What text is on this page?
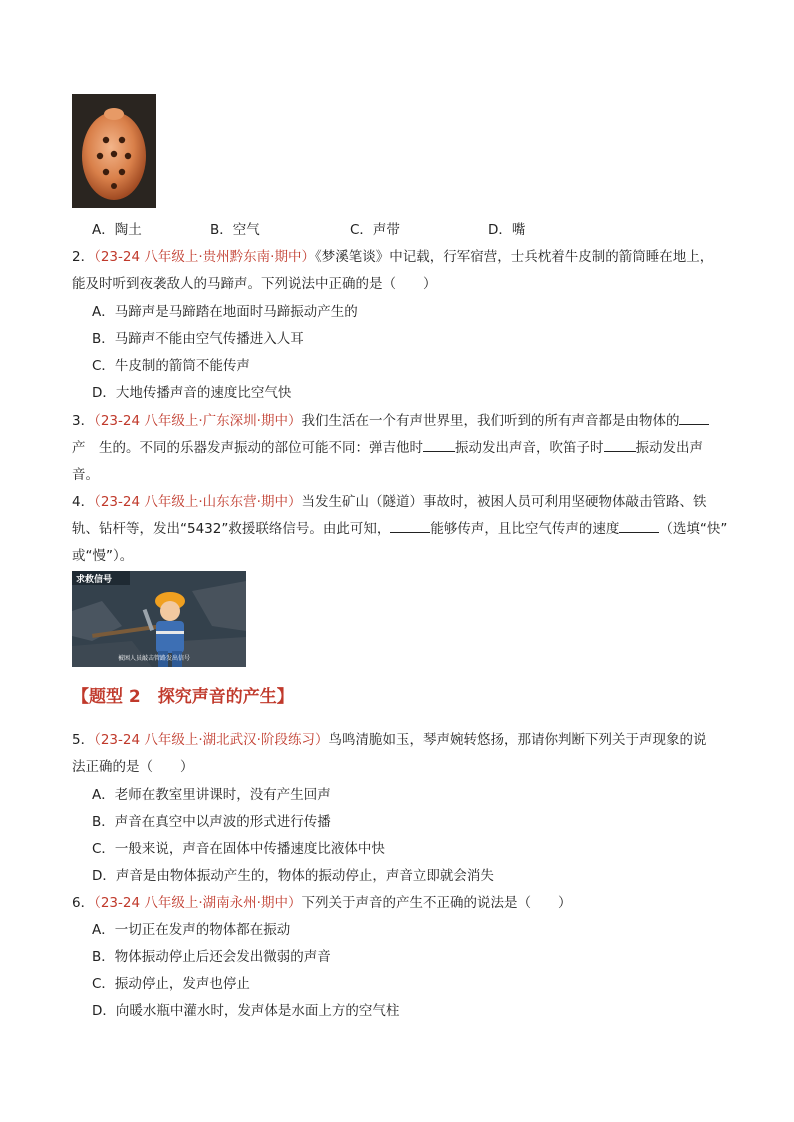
A．陶土	B．空气	C．声带	D．嘴
2．（23-24 八年级上·贵州黔东南·期中）《梦溪笔谈》中记载，行军宿营，士兵枕着牛皮制的箭筒睡在地上，
能及时听到夜袭敌人的马蹄声。下列说法中正确的是（　　）
A．马蹄声是马蹄踏在地面时马蹄振动产生的
B．马蹄声不能由空气传播进入人耳
C．牛皮制的箭筒不能传声
D．大地传播声音的速度比空气快
3．（23-24 八年级上·广东深圳·期中）我们生活在一个有声世界里，我们听到的所有声音都是由物体的
产　生的。不同的乐器发声振动的部位可能不同：弹吉他时 振动发出声音，吹笛子时 振动发出声
音。
4．（23-24 八年级上·山东东营·期中）当发生矿山（隧道）事故时，被困人员可利用坚硬物体敲击管路、铁
轨、钻杆等，发出“5432”救援联络信号。由此可知，	能够传声，且比空气传声的速度	（选填“快”
或“慢”）。
求救信号
被困人员敲击管路发出信号
【题型 2　探究声音的产生】
5．（23-24 八年级上·湖北武汉·阶段练习）鸟鸣清脆如玉，琴声婉转悠扬，那请你判断下列关于声现象的说
法正确的是（　　）
A．老师在教室里讲课时，没有产生回声
B．声音在真空中以声波的形式进行传播
C．一般来说，声音在固体中传播速度比液体中快
D．声音是由物体振动产生的，物体的振动停止，声音立即就会消失
6．（23-24 八年级上·湖南永州·期中）下列关于声音的产生不正确的说法是（　　）
A．一切正在发声的物体都在振动
B．物体振动停止后还会发出微弱的声音
C．振动停止，发声也停止
D．向暖水瓶中灌水时，发声体是水面上方的空气柱
